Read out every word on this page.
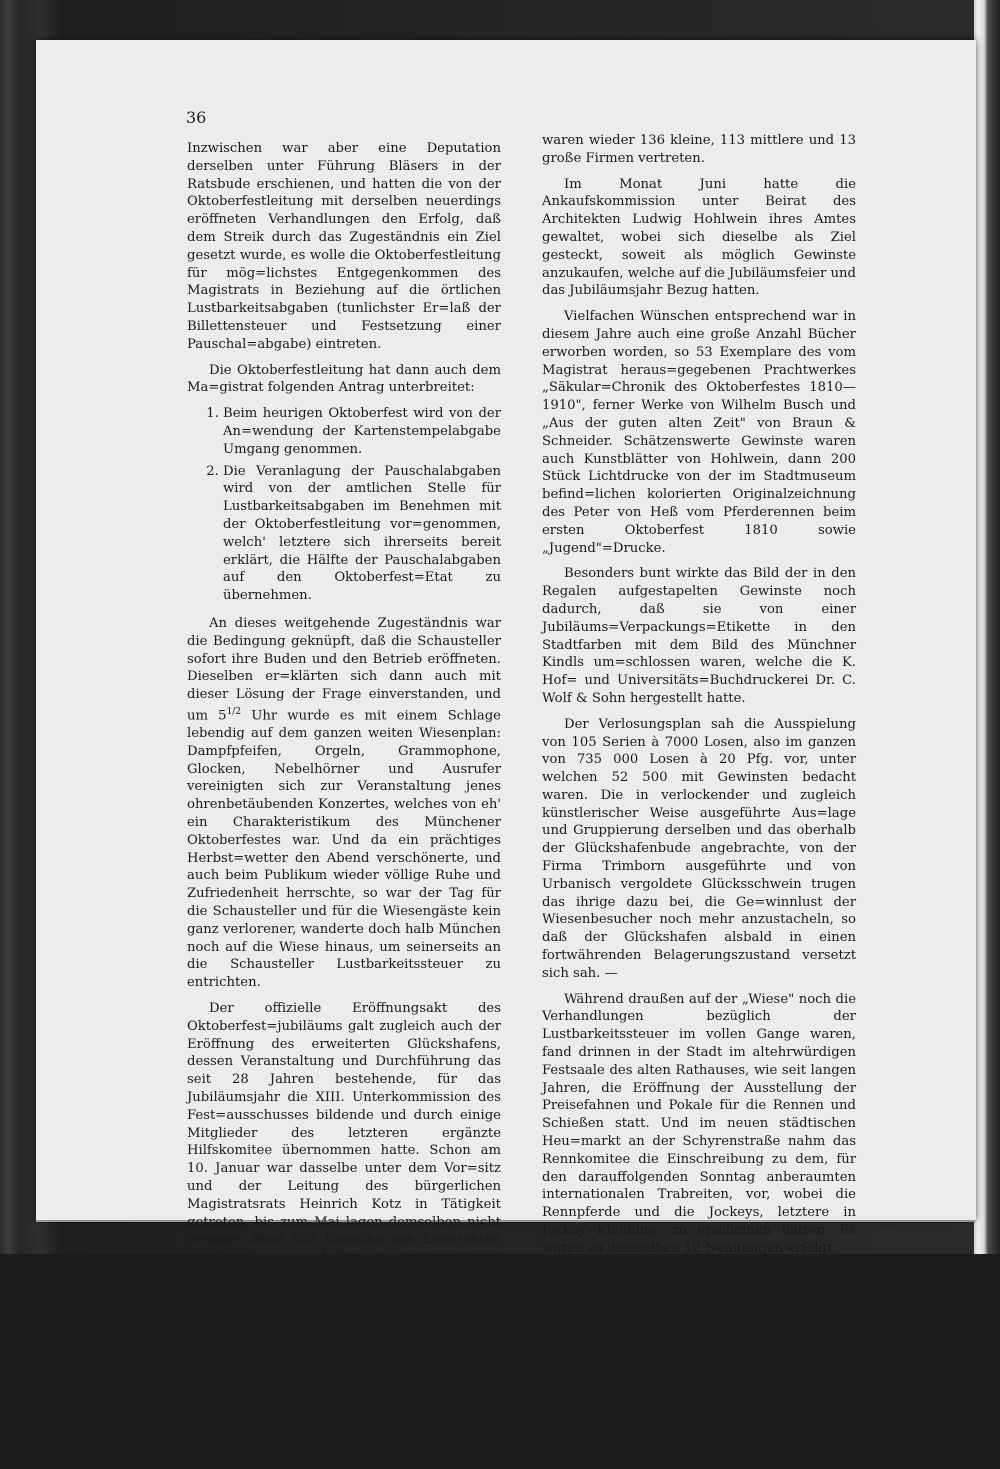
36

Inzwischen war aber eine Deputation derselben unter Führung Bläsers in der Ratsbude erschienen, und hatten die von der Oktoberfestleitung mit derselben neuerdings eröffneten Verhandlungen den Erfolg, daß dem Streik durch das Zugeständnis ein Ziel gesetzt wurde, es wolle die Oktoberfestleitung für mög=lichstes Entgegenkommen des Magistrats in Beziehung auf die örtlichen Lustbarkeitsabgaben (tunlichster Er=laß der Billettensteuer und Festsetzung einer Pauschal=abgabe) eintreten.

Die Oktoberfestleitung hat dann auch dem Ma=gistrat folgenden Antrag unterbreitet:

1. Beim heurigen Oktoberfest wird von der An=wendung der Kartenstempelabgabe Umgang genommen.
2. Die Veranlagung der Pauschalabgaben wird von der amtlichen Stelle für Lustbarkeitsabgaben im Benehmen mit der Oktoberfestleitung vor=genommen, welch' letztere sich ihrerseits bereit erklärt, die Hälfte der Pauschalabgaben auf den Oktoberfest=Etat zu übernehmen.

An dieses weitgehende Zugeständnis war die Bedingung geknüpft, daß die Schausteller sofort ihre Buden und den Betrieb eröffneten. Dieselben er=klärten sich dann auch mit dieser Lösung der Frage einverstanden, und um $5^{1/2}$ Uhr wurde es mit einem Schlage lebendig auf dem ganzen weiten Wiesenplan: Dampfpfeifen, Orgeln, Grammophone, Glocken, Nebelhörner und Ausrufer vereinigten sich zur Veranstaltung jenes ohrenbetäubenden Konzertes, welches von eh' ein Charakteristikum des Münchener Oktoberfestes war. Und da ein prächtiges Herbst=wetter den Abend verschönerte, und auch beim Publikum wieder völlige Ruhe und Zufriedenheit herrschte, so war der Tag für die Schausteller und für die Wiesengäste kein ganz verlorener, wanderte doch halb München noch auf die Wiese hinaus, um seinerseits an die Schausteller Lustbarkeitssteuer zu entrichten.

Der offizielle Eröffnungsakt des Oktoberfest=jubiläums galt zugleich auch der Eröffnung des erweiterten Glückshafens, dessen Veranstaltung und Durchführung das seit 28 Jahren bestehende, für das Jubiläumsjahr die XIII. Unterkommission des Fest=ausschusses bildende und durch einige Mitglieder des letzteren ergänzte Hilfskomitee übernommen hatte. Schon am 10. Januar war dasselbe unter dem Vor=sitz und der Leitung des bürgerlichen Magistratsrats Heinrich Kotz in Tätigkeit getreten, bis zum Mai lagen demselben nicht weniger denn 655 Gesuche von Lieferanten um Erteilung von Aufträgen vor, von denen 262 die Genehmigung erhalten haben, wo=bei besonders darauf Rücksicht genommen wurde, daß aus dem Handel und Gewerbe Firmen in fast allen Stadtbezirken herangezogen wurden. Von den aus=gewählten Geschäften hatten seit dem Jahre 1904 20 Firmen 7 mal, 18 6 mal, 42 5 mal, 49 4 mal, 47 3 mal, 40 2 mal und 36 zum Jubiläumsjahr zum ersten Male Lieferungsauftrag erhalten. Darunter

waren wieder 136 kleine, 113 mittlere und 13 große Firmen vertreten.

Im Monat Juni hatte die Ankaufskommission unter Beirat des Architekten Ludwig Hohlwein ihres Amtes gewaltet, wobei sich dieselbe als Ziel gesteckt, soweit als möglich Gewinste anzukaufen, welche auf die Jubiläumsfeier und das Jubiläumsjahr Bezug hatten.

Vielfachen Wünschen entsprechend war in diesem Jahre auch eine große Anzahl Bücher erworben worden, so 53 Exemplare des vom Magistrat heraus=gegebenen Prachtwerkes „Säkular=Chronik des Oktoberfestes 1810—1910", ferner Werke von Wilhelm Busch und „Aus der guten alten Zeit" von Braun & Schneider. Schätzenswerte Gewinste waren auch Kunstblätter von Hohlwein, dann 200 Stück Lichtdrucke von der im Stadtmuseum befind=lichen kolorierten Originalzeichnung des Peter von Heß vom Pferderennen beim ersten Oktoberfest 1810 sowie „Jugend"=Drucke.

Besonders bunt wirkte das Bild der in den Regalen aufgestapelten Gewinste noch dadurch, daß sie von einer Jubiläums=Verpackungs=Etikette in den Stadtfarben mit dem Bild des Münchner Kindls um=schlossen waren, welche die K. Hof= und Universitäts=Buchdruckerei Dr. C. Wolf & Sohn hergestellt hatte.

Der Verlosungsplan sah die Ausspielung von 105 Serien à 7000 Losen, also im ganzen von 735 000 Losen à 20 Pfg. vor, unter welchen 52 500 mit Gewinsten bedacht waren. Die in verlockender und zugleich künstlerischer Weise ausgeführte Aus=lage und Gruppierung derselben und das oberhalb der Glückshafenbude angebrachte, von der Firma Trimborn ausgeführte und von Urbanisch vergoldete Glücksschwein trugen das ihrige dazu bei, die Ge=winnlust der Wiesenbesucher noch mehr anzustacheln, so daß der Glückshafen alsbald in einen fortwährenden Belagerungszustand versetzt sich sah. —

Während draußen auf der „Wiese" noch die Verhandlungen bezüglich der Lustbarkeitssteuer im vollen Gange waren, fand drinnen in der Stadt im altehrwürdigen Festsaale des alten Rathauses, wie seit langen Jahren, die Eröffnung der Ausstellung der Preisefahnen und Pokale für die Rennen und Schießen statt. Und im neuen städtischen Heu=markt an der Schyrenstraße nahm das Rennkomitee die Einschreibung zu dem, für den darauffolgenden Sonntag anberaumten internationalen Trabreiten, vor, wobei die Rennpferde und die Jockeys, letztere in Jockey=Kleidung, zu erscheinen hatten. Es waren zu demselben 12 Nennungen erfolgt.

Als aber der Abend sich auf die bereits vom Festtrubel erfüllte Wiese niedersenkte, da strebten die Männer, welche seit Jahresfrist emsig geschafft, der Bude zu, welche der Rat der Stadt als buen retiro inmitten all des Festtreibens für sich und seine Gäste geschaffen, und zu der durch einen grün verkleideten, mit einem anmutigen Münchener Kindl geschmückten Portikus ein traulicher Fichtengang führte. Schon früher hatte
